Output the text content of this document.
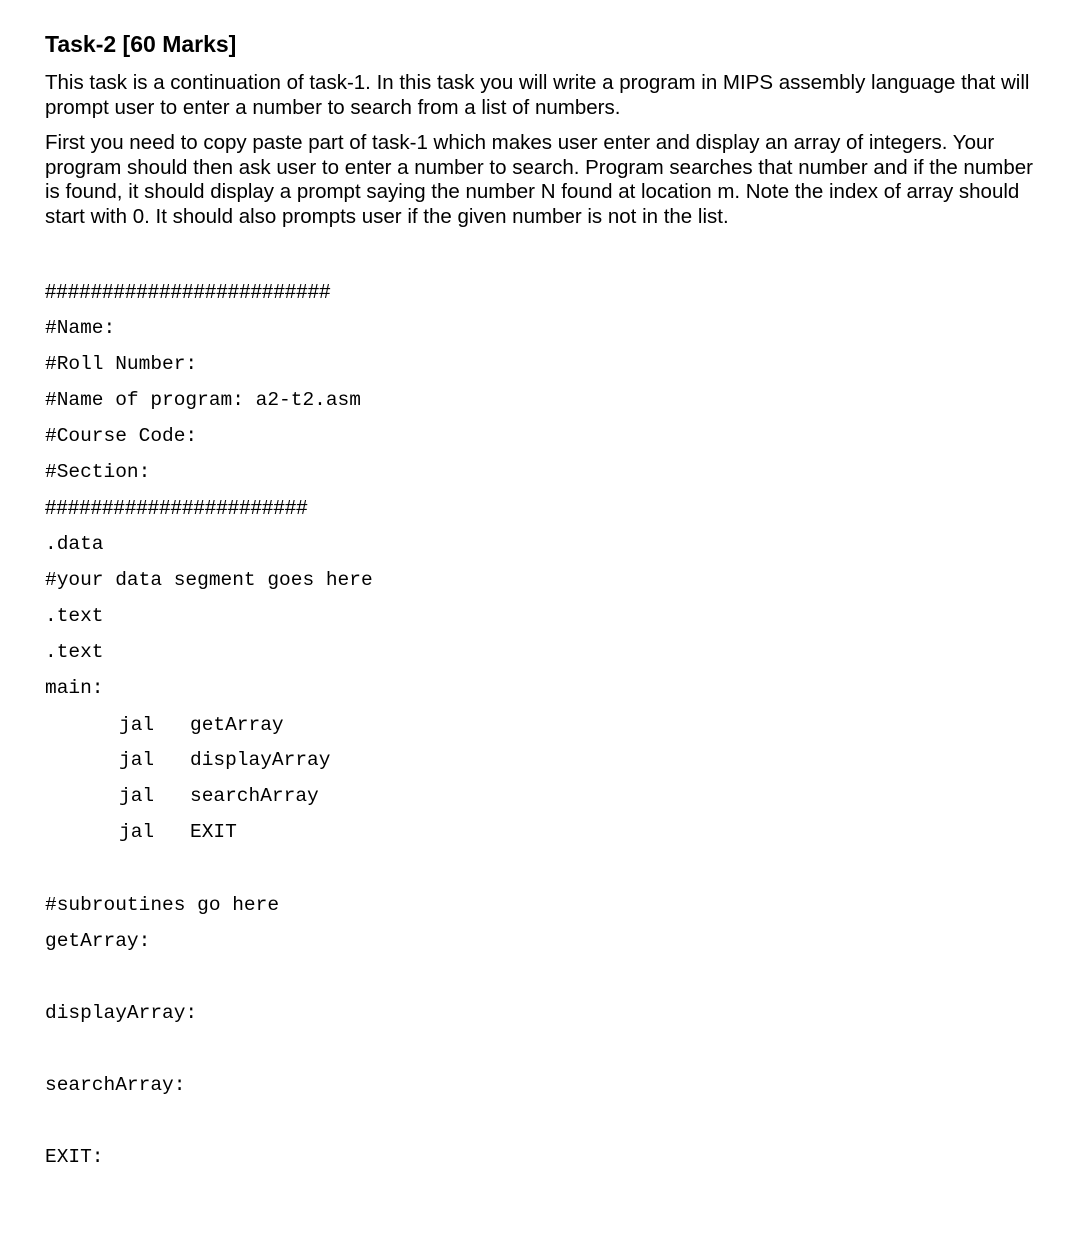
Task-2 [60 Marks]

This task is a continuation of task-1. In this task you will write a program in MIPS assembly language that will prompt user to enter a number to search from a list of numbers.

First you need to copy paste part of task-1 which makes user enter and display an array of integers. Your program should then ask user to enter a number to search. Program searches that number and if the number is found, it should display a prompt saying the number N found at location m. Note the index of array should start with 0. It should also prompts user if the given number is not in the list.

#########################
#Name:
#Roll Number:
#Name of program: a2-t2.asm
#Course Code:
#Section:
#######################
.data
#your data segment goes here
.text
.text
main:
jal getArray
jal displayArray
jal searchArray
jal EXIT
#subroutines go here
getArray:
displayArray:
searchArray:
EXIT:
